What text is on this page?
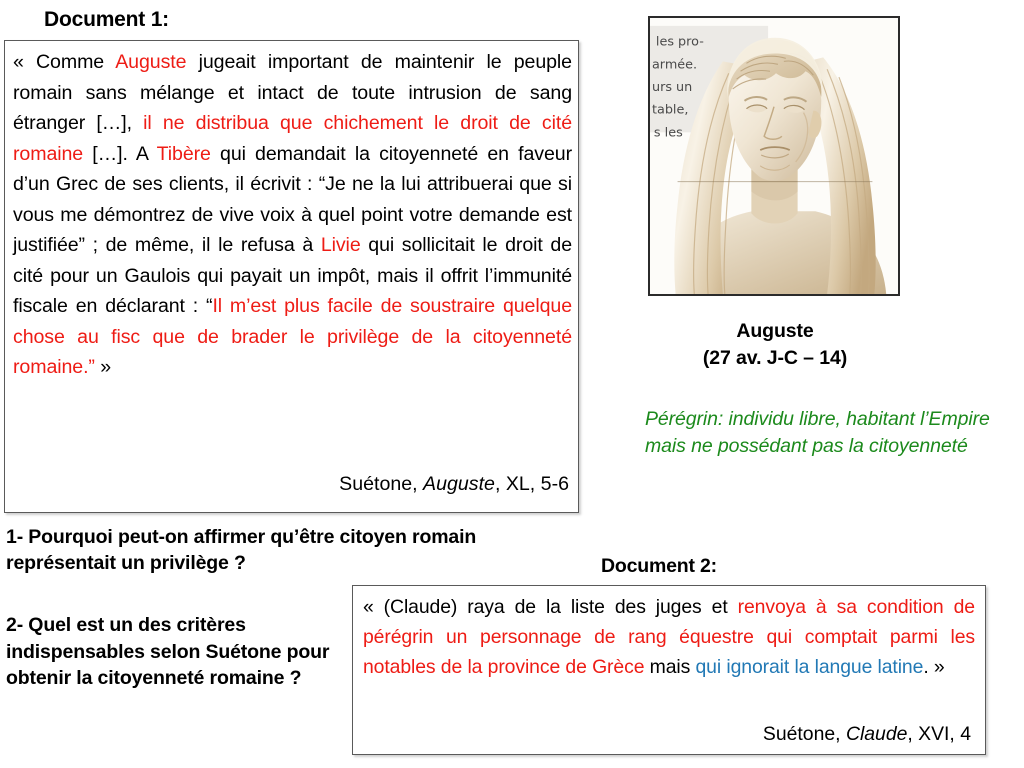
Document 1:
« Comme Auguste jugeait important de maintenir le peuple romain sans mélange et intact de toute intrusion de sang étranger […], il ne distribua que chichement le droit de cité romaine […]. A Tibère qui demandait la citoyenneté en faveur d’un Grec de ses clients, il écrivit : “Je ne la lui attribuerai que si vous me démontrez de vive voix à quel point votre demande est justifiée” ; de même, il le refusa à Livie qui sollicitait le droit de cité pour un Gaulois qui payait un impôt, mais il offrit l’immunité fiscale en déclarant : “Il m’est plus facile de soustraire quelque chose au fisc que de brader le privilège de la citoyenneté romaine.” »
Suétone, Auguste, XL, 5-6
1- Pourquoi peut-on affirmer qu’être citoyen romain représentait un privilège ?
2- Quel est un des critères indispensables selon Suétone pour obtenir la citoyenneté romaine ?
Document 2:
« (Claude) raya de la liste des juges et renvoya à sa condition de pérégrin un personnage de rang équestre qui comptait parmi les notables de la province de Grèce mais qui ignorait la langue latine. »
Suétone, Claude, XVI, 4
les pro-
armée.
urs un
table,
s les
Auguste
(27 av. J-C – 14)
Pérégrin: individu libre, habitant l’Empire mais ne possédant pas la citoyenneté
